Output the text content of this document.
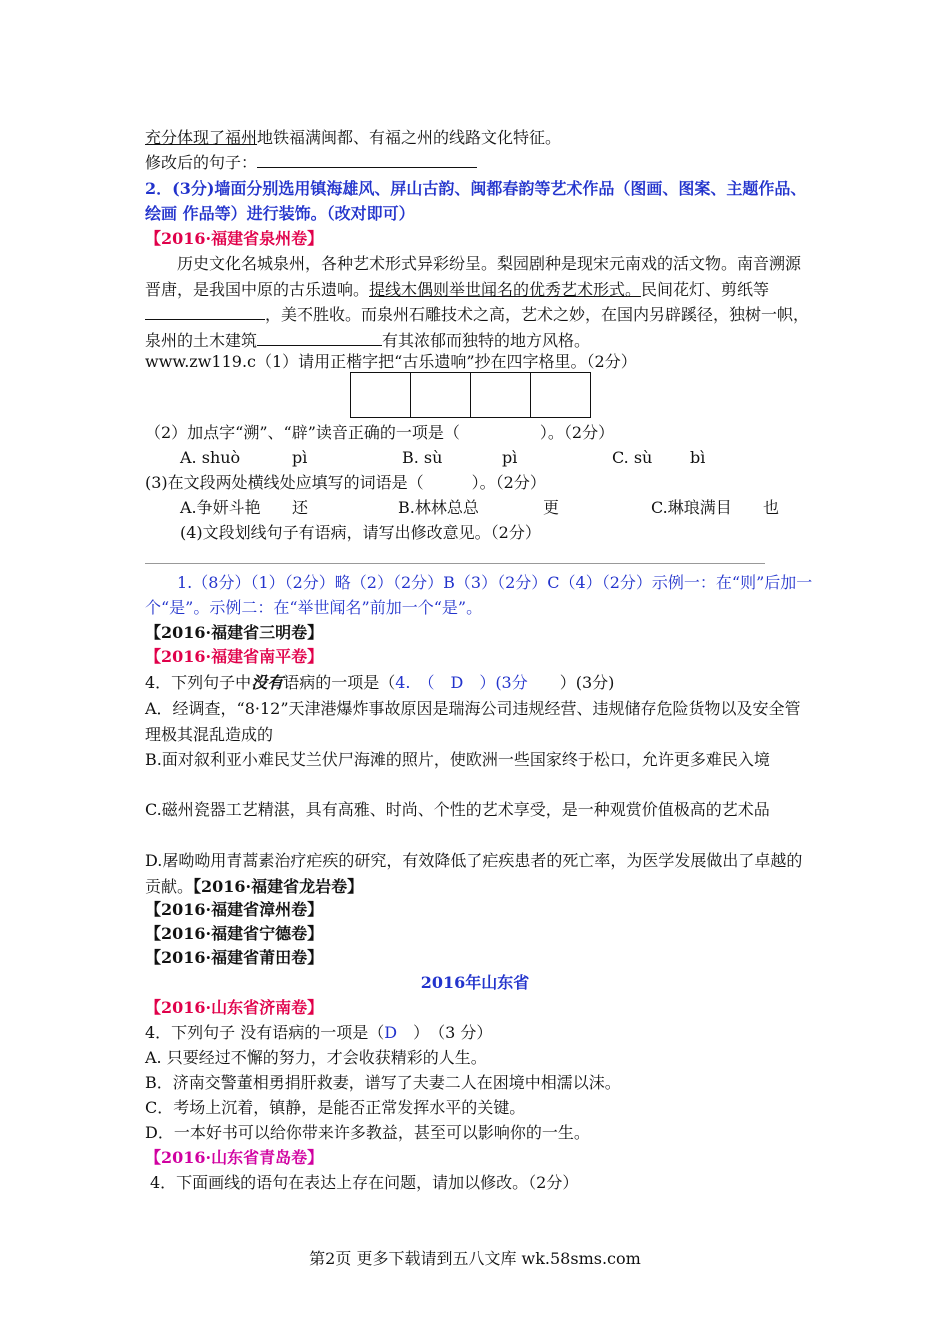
充分体现了福州地铁福满闽都、有福之州的线路文化特征。
修改后的句子：
2．(3分)墙面分别选用镇海雄风、屏山古韵、闽都春韵等艺术作品（图画、图案、主题作品、绘画 作品等）进行装饰。（改对即可）
【2016·福建省泉州卷】
历史文化名城泉州，各种艺术形式异彩纷呈。梨园剧种是现宋元南戏的活文物。南音溯源晋唐，是我国中原的古乐遗响。提线木偶则举世闻名的优秀艺术形式。民间花灯、剪纸等，美不胜收。而泉州石雕技术之高，艺术之妙，在国内另辟蹊径，独树一帜，泉州的土木建筑	有其浓郁而独特的地方风格。
www.zw119.c（1）请用正楷字把“古乐遗响”抄在四字格里。（2分）
（2）加点字“溯”、“辟”读音正确的一项是（　　　　　）。（2分）
A. shuò	pì	B. sù	pì	C. sù bì
(3)在文段两处横线处应填写的词语是（　　　）。（2分）
A.争妍斗艳 还	B.林林总总	更	C.琳琅满目 也
(4)文段划线句子有语病，请写出修改意见。（2分）
1.（8分）（1）（2分）略（2）（2分）B（3）（2分）C（4）（2分）示例一：在“则”后加一个“是”。示例二：在“举世闻名”前加一个“是”。
【2016·福建省三明卷】
【2016·福建省南平卷】
4．下列句子中没有语病的一项是（4.　（　D　）(3分　　）(3分)
A．经调查，“8·12”天津港爆炸事故原因是瑞海公司违规经营、违规储存危险货物以及安全管理极其混乱造成的
B.面对叙利亚小难民艾兰伏尸海滩的照片，使欧洲一些国家终于松口，允许更多难民入境
C.磁州瓷器工艺精湛，具有高雅、时尚、个性的艺术享受，是一种观赏价值极高的艺术品
D.屠呦呦用青蒿素治疗疟疾的研究，有效降低了疟疾患者的死亡率，为医学发展做出了卓越的贡献。【2016·福建省龙岩卷】
【2016·福建省漳州卷】
【2016·福建省宁德卷】
【2016·福建省莆田卷】
2016年山东省
【2016·山东省济南卷】
4．下列句子 没有语病的一项是（D　）　（3 分）
A. 只要经过不懈的努力，才会收获精彩的人生。
B．济南交警董相勇捐肝救妻，谱写了夫妻二人在困境中相濡以沫。
C．考场上沉着，镇静，是能否正常发挥水平的关键。
D．一本好书可以给你带来许多教益，甚至可以影响你的一生。
【2016·山东省青岛卷】
4．下面画线的语句在表达上存在问题，请加以修改。（2分）
第2页 更多下载请到五八文库 wk.58sms.com
